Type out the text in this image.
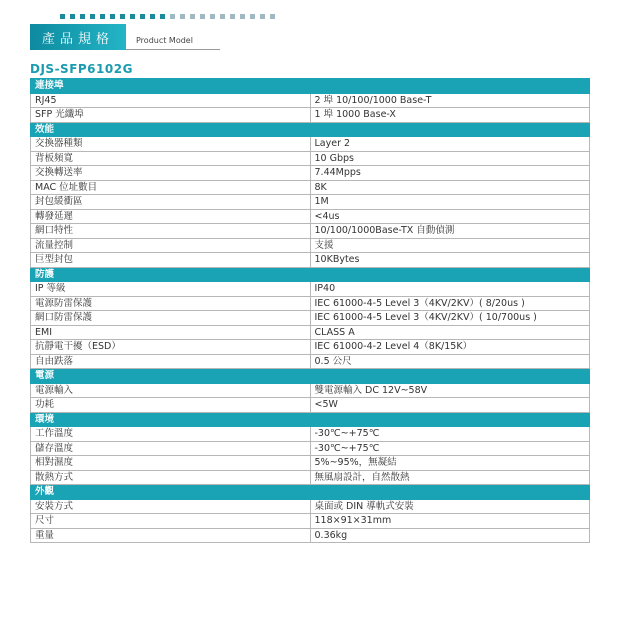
產品規格	Product Model
DJS-SFP6102G
連接埠	
RJ45	2 埠 10/100/1000 Base-T
SFP 光纖埠	1 埠 1000 Base-X
效能	
交換器種類	Layer 2
背板頻寬	10 Gbps
交換轉送率	7.44Mpps
MAC 位址數目	8K
封包緩衝區	1M
轉發延遲	<4us
網口特性	10/100/1000Base-TX 自動偵測
流量控制	支援
巨型封包	10KBytes
防護	
IP 等級	IP40
電源防雷保護	IEC 61000-4-5 Level 3（4KV/2KV）( 8/20us )
網口防雷保護	IEC 61000-4-5 Level 3（4KV/2KV）( 10/700us )
EMI	CLASS A
抗靜電干擾（ESD）	IEC 61000-4-2 Level 4（8K/15K）
自由跌落	0.5 公尺
電源	
電源輸入	雙電源輸入 DC 12V~58V
功耗	<5W
環境	
工作溫度	-30℃~+75℃
儲存溫度	-30℃~+75℃
相對濕度	5%~95%，無凝結
散熱方式	無風扇設計，自然散熱
外觀	
安裝方式	桌面或 DIN 導軌式安裝
尺寸	118×91×31mm
重量	0.36kg
